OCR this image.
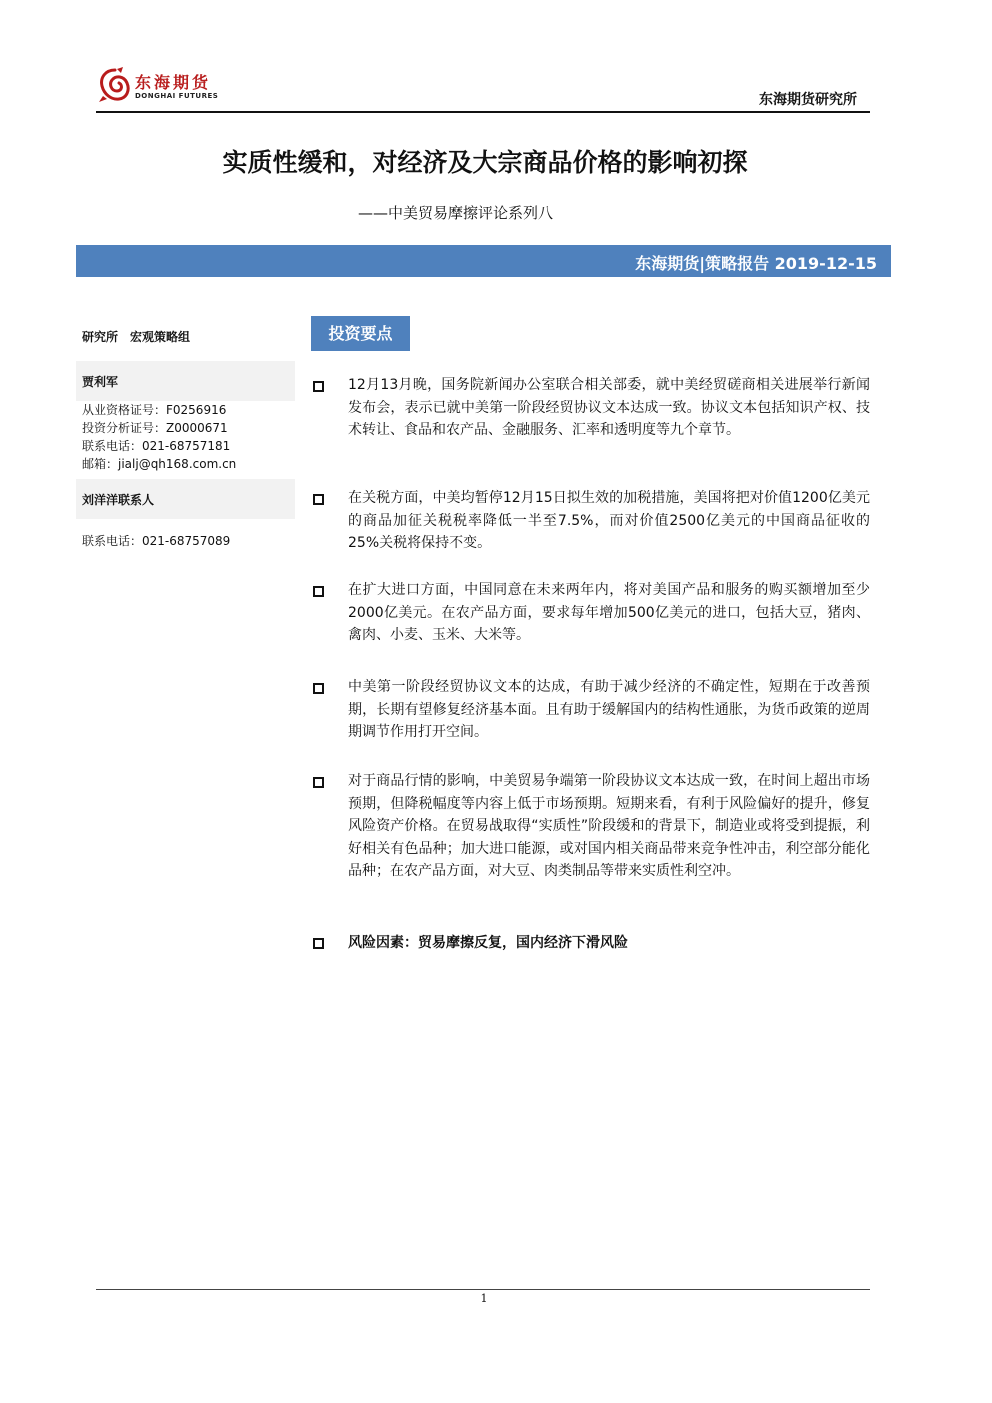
东海期货
DONGHAI FUTURES	东海期货研究所
实质性缓和，对经济及大宗商品价格的影响初探
——中美贸易摩擦评论系列八
东海期货|策略报告 2019-12-15
研究所　宏观策略组
贾利军
从业资格证号：F0256916
投资分析证号：Z0000671
联系电话：021-68757181
邮箱：jialj@qh168.com.cn
刘洋洋联系人
联系电话：021-68757089
投资要点
12月13月晚，国务院新闻办公室联合相关部委，就中美经贸磋商相关进展举行新闻发布会，表示已就中美第一阶段经贸协议文本达成一致。协议文本包括知识产权、技术转让、食品和农产品、金融服务、汇率和透明度等九个章节。
在关税方面，中美均暂停12月15日拟生效的加税措施，美国将把对价值1200亿美元的商品加征关税税率降低一半至7.5%，而对价值2500亿美元的中国商品征收的25%关税将保持不变。
在扩大进口方面，中国同意在未来两年内，将对美国产品和服务的购买额增加至少2000亿美元。在农产品方面，要求每年增加500亿美元的进口，包括大豆，猪肉、禽肉、小麦、玉米、大米等。
中美第一阶段经贸协议文本的达成，有助于减少经济的不确定性，短期在于改善预期，长期有望修复经济基本面。且有助于缓解国内的结构性通胀，为货币政策的逆周期调节作用打开空间。
对于商品行情的影响，中美贸易争端第一阶段协议文本达成一致，在时间上超出市场预期，但降税幅度等内容上低于市场预期。短期来看，有利于风险偏好的提升，修复风险资产价格。在贸易战取得“实质性”阶段缓和的背景下，制造业或将受到提振，利好相关有色品种；加大进口能源，或对国内相关商品带来竞争性冲击，利空部分能化品种；在农产品方面，对大豆、肉类制品等带来实质性利空冲。
风险因素：贸易摩擦反复，国内经济下滑风险
1
